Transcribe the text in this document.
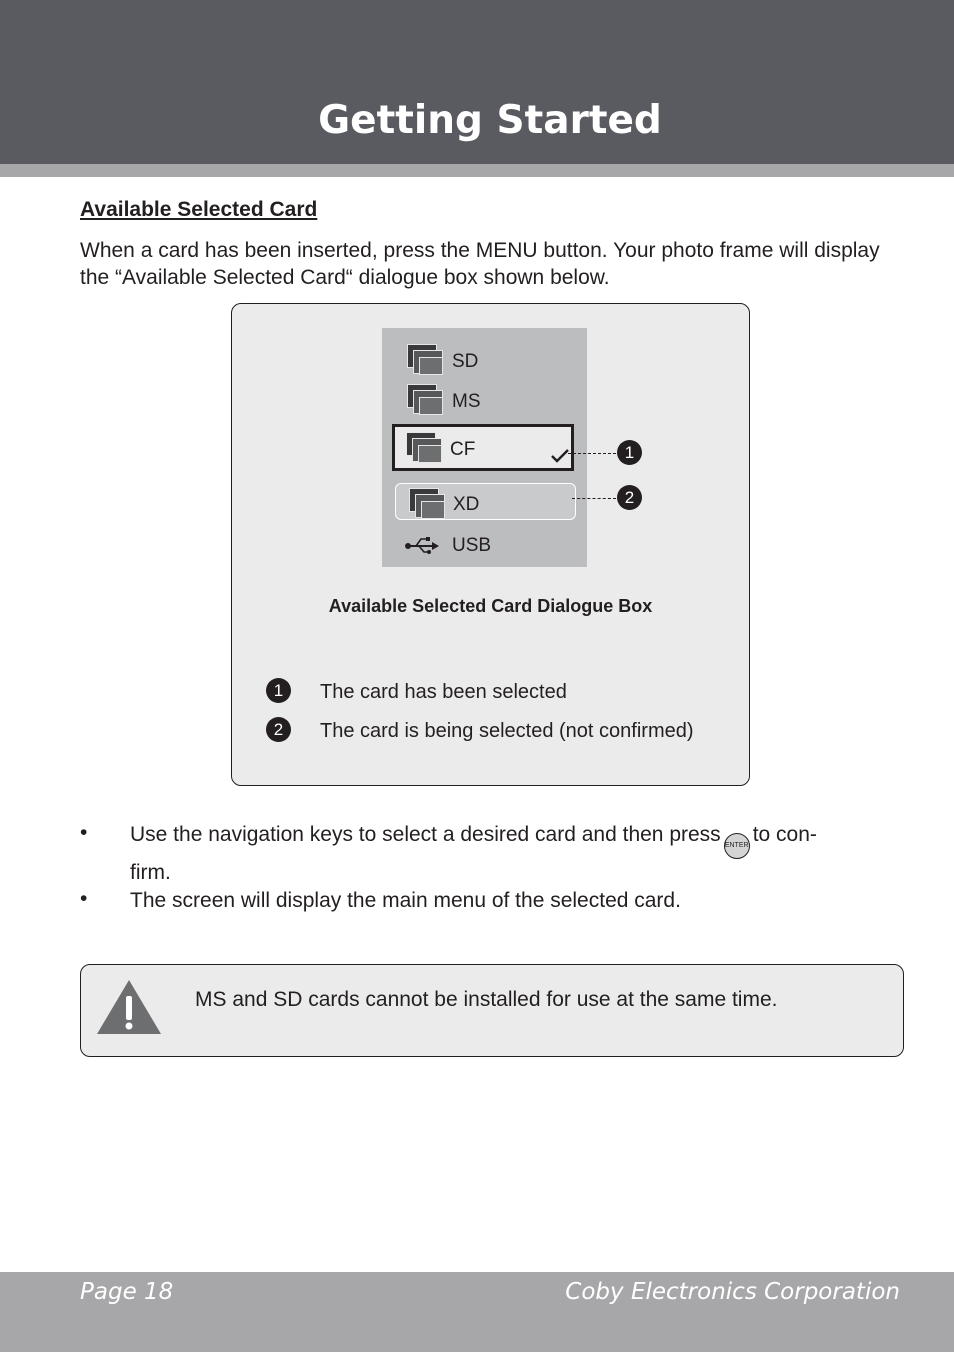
Getting Started
Available Selected Card

When a card has been inserted, press the MENU button. Your photo frame will display the “Available Selected Card“ dialogue box shown below.

SD
MS
CF
XD
USB
1
2
Available Selected Card Dialogue Box
1	The card has been selected
2	The card is being selected (not confirmed)
• Use the navigation keys to select a desired card and then press ENTER to con-
firm.

• The screen will display the main menu of the selected card.

MS and SD cards cannot be installed for use at the same time.
Page 18	Coby Electronics Corporation
